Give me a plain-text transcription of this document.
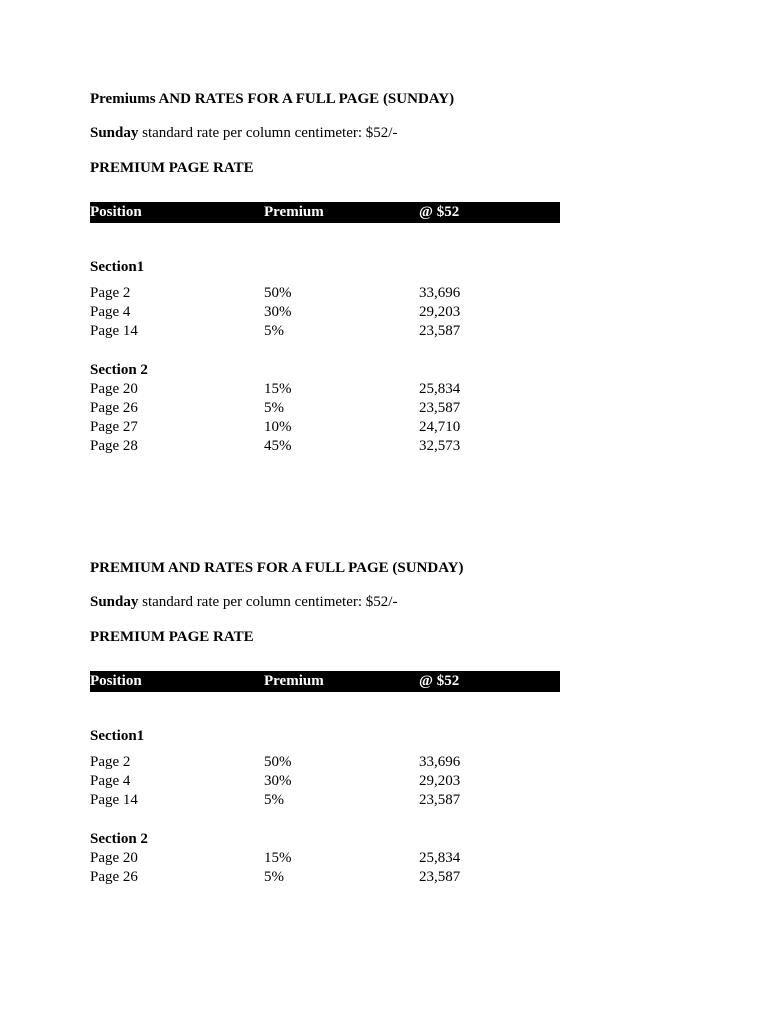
Premiums AND RATES FOR A FULL PAGE (SUNDAY)
Sunday standard rate per column centimeter: $52/-
PREMIUM PAGE RATE
Position	Premium	@ $52
Section1
Page 2	50%	33,696
Page 4	30%	29,203
Page 14	5%	23,587
Section 2
Page 20	15%	25,834
Page 26	5%	23,587
Page 27	10%	24,710
Page 28	45%	32,573
PREMIUM AND RATES FOR A FULL PAGE (SUNDAY)
Sunday standard rate per column centimeter: $52/-
PREMIUM PAGE RATE
Position	Premium	@ $52
Section1
Page 2	50%	33,696
Page 4	30%	29,203
Page 14	5%	23,587
Section 2
Page 20	15%	25,834
Page 26	5%	23,587
